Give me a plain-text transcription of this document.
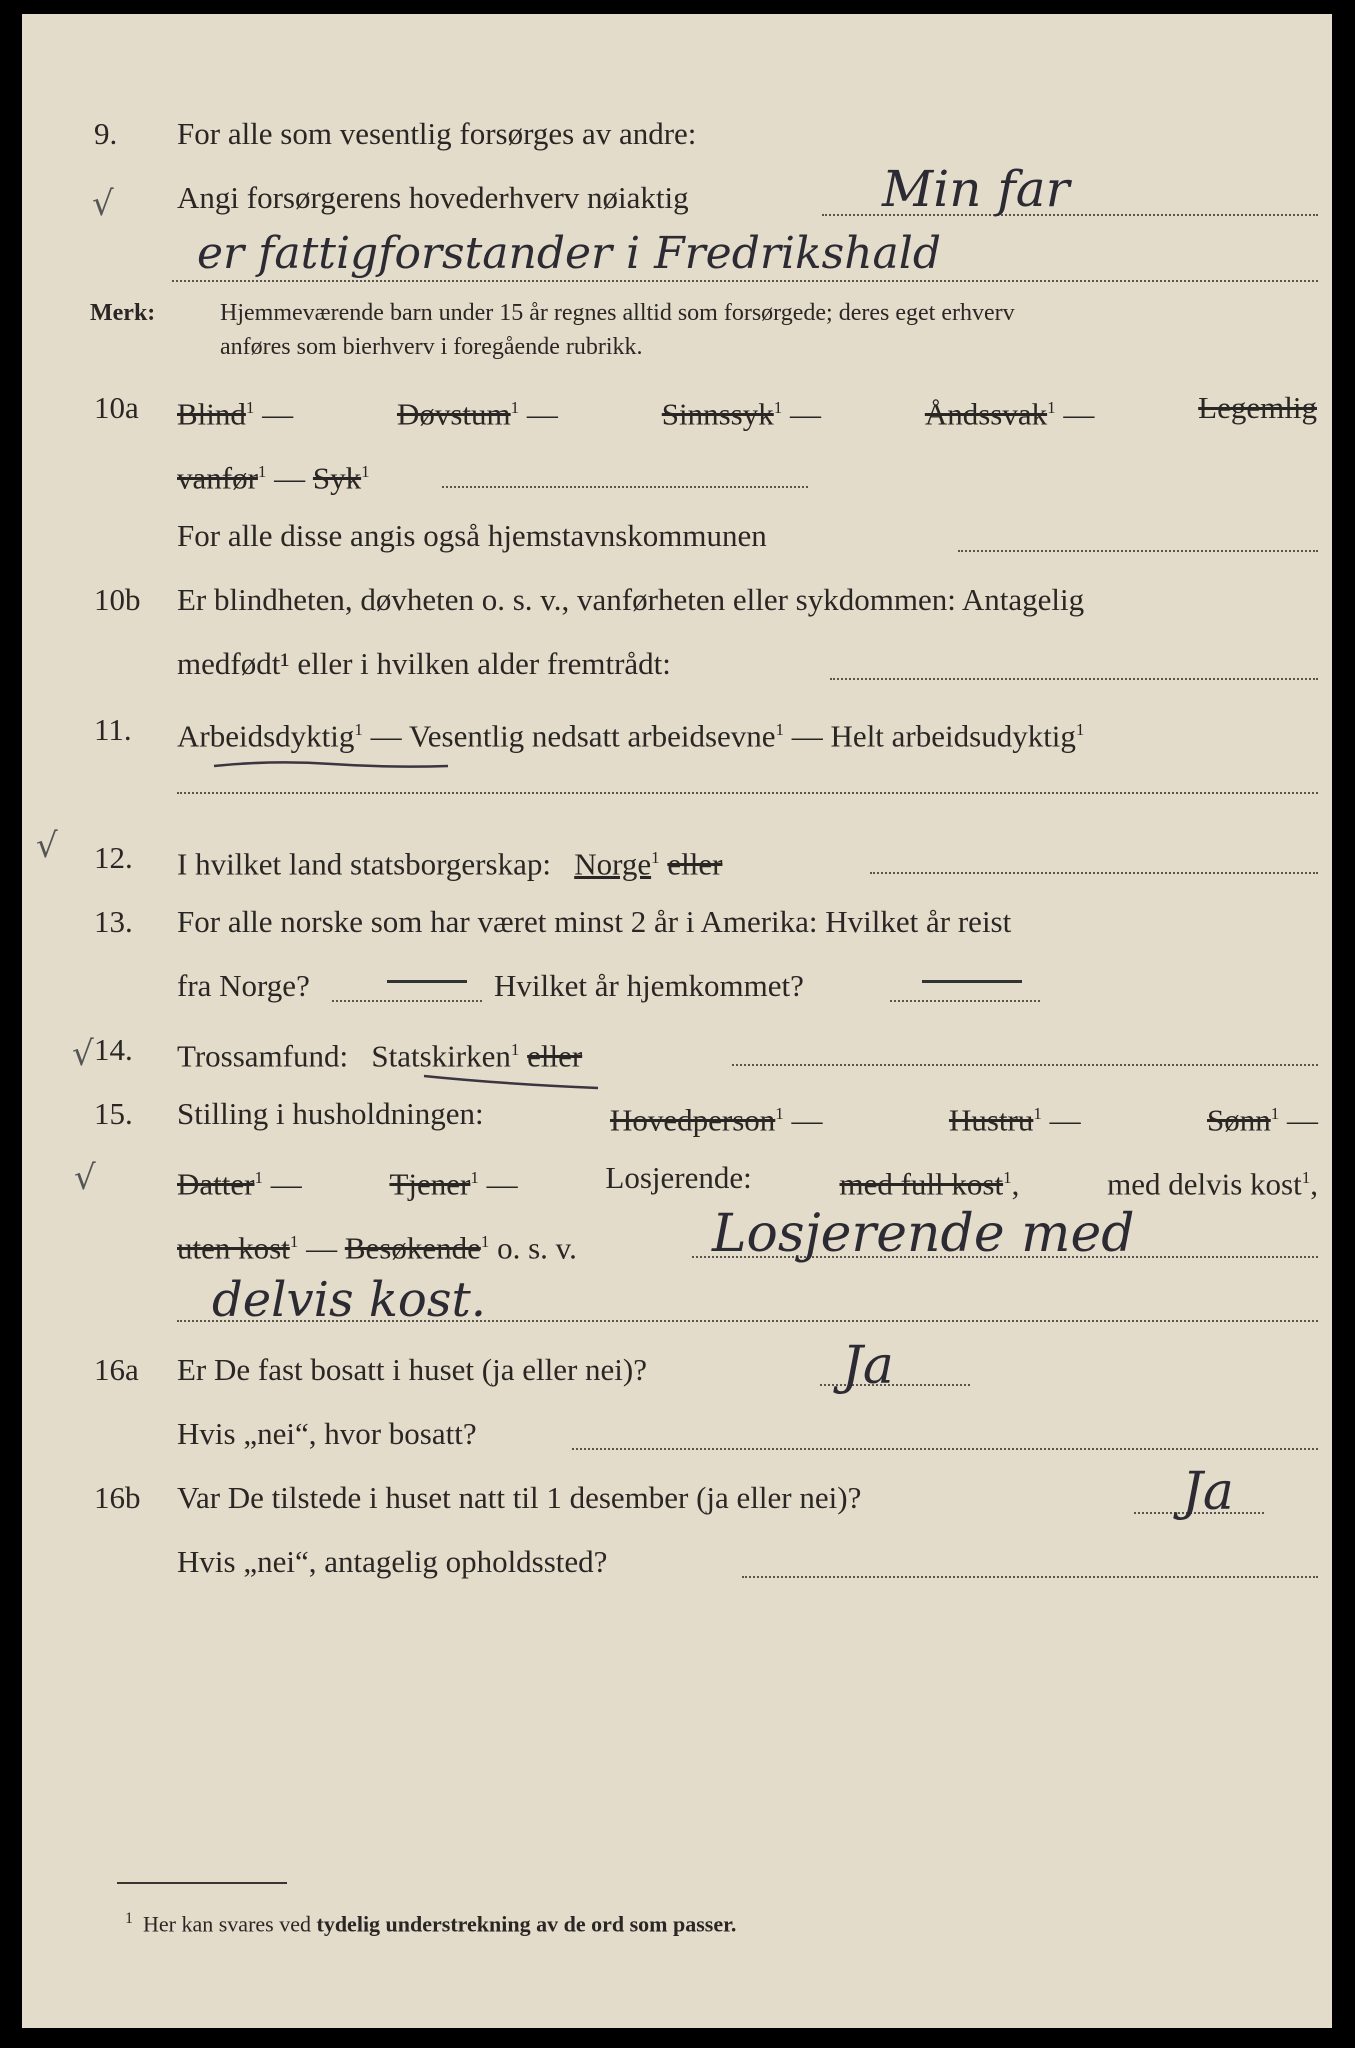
√
√
√
√
9. For alle som vesentlig forsørges av andre:
Angi forsørgerens hovederhverv nøiaktig	Min far
er fattigforstander i Fredrikshald
Merk:	Hjemmeværende barn under 15 år regnes alltid som forsørgede; deres eget erhverv
anføres som bierhverv i foregående rubrikk.
10a Blind$^1$ —	Døvstum$^1$ —	Sinnssyk$^1$ —	Åndssvak$^1$ —	Legemlig
vanfør$^1$ — Syk$^1$
For alle disse angis også hjemstavnskommunen
10b Er blindheten, døvheten o. s. v., vanførheten eller sykdommen: Antagelig
medfødt¹ eller i hvilken alder fremtrådt:
11. Arbeidsdyktig$^1$ — Vesentlig nedsatt arbeidsevne$^1$ — Helt arbeidsudyktig$^1$
12. I hvilket land statsborgerskap: Norge$^1$ eller
13. For alle norske som har været minst 2 år i Amerika: Hvilket år reist
fra Norge?	Hvilket år hjemkommet?
14. Trossamfund: Statskirken$^1$ eller
15. Stilling i husholdningen:	Hovedperson$^1$ —	Hustru$^1$ —	Sønn$^1$ —
Datter$^1$ —	Tjener$^1$ —	Losjerende:	med full kost$^1$,	med delvis kost$^1$,
uten kost$^1$ — Besøkende$^1$ o. s. v.	Losjerende med
delvis kost.
16a Er De fast bosatt i huset (ja eller nei)?	Ja
Hvis „nei“, hvor bosatt?
16b Var De tilstede i huset natt til 1 desember (ja eller nei)?	Ja
Hvis „nei“, antagelig opholdssted?
$^1$ Her kan svares ved tydelig understrekning av de ord som passer.
